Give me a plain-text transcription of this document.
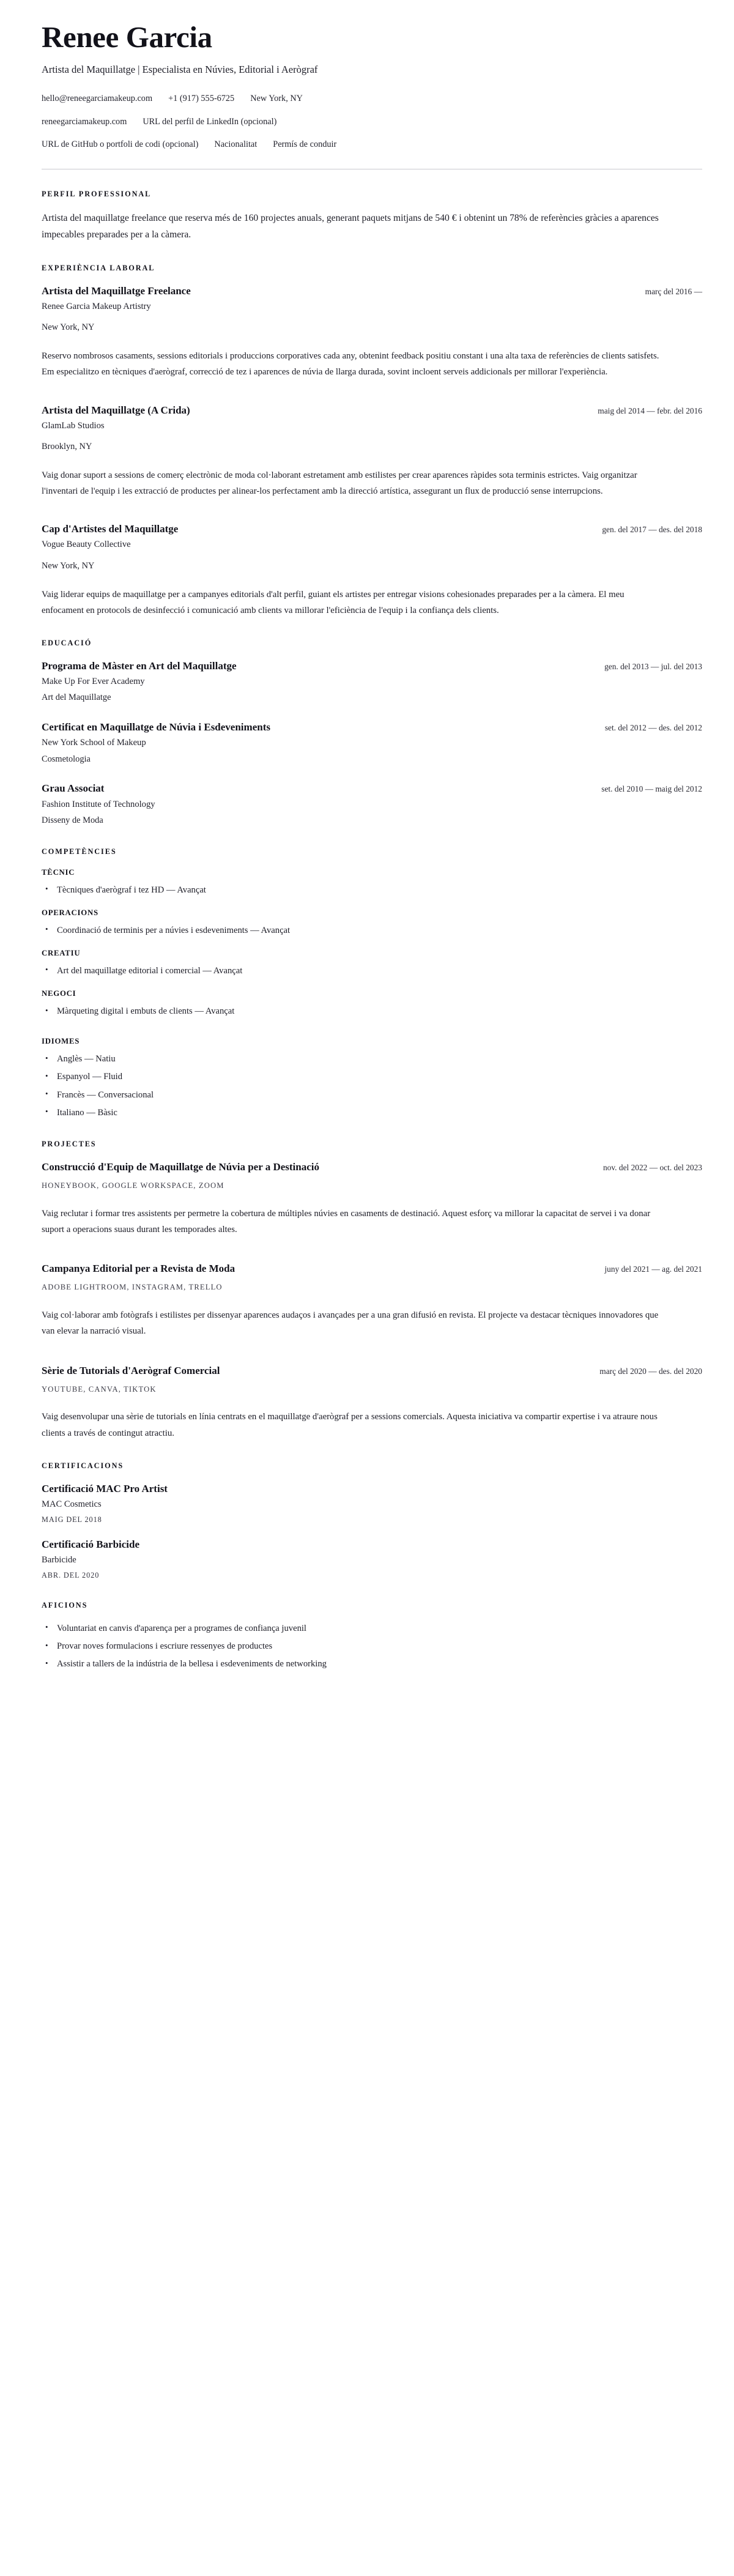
Renee Garcia
Artista del Maquillatge | Especialista en Núvies, Editorial i Aerògraf
hello@reneegarciamakeup.com +1 (917) 555-6725 New York, NY
reneegarciamakeup.com URL del perfil de LinkedIn (opcional)
URL de GitHub o portfoli de codi (opcional) Nacionalitat Permís de conduir
PERFIL PROFESSIONAL

Artista del maquillatge freelance que reserva més de 160 projectes anuals, generant paquets mitjans de 540 € i obtenint un 78% de referències gràcies a aparences impecables preparades per a la càmera.

EXPERIÈNCIA LABORAL
Artista del Maquillatge Freelance	març del 2016 —
Renee Garcia Makeup Artistry
New York, NY

Reservo nombrosos casaments, sessions editorials i produccions corporatives cada any, obtenint feedback positiu constant i una alta taxa de referències de clients satisfets. Em especialitzo en tècniques d'aerògraf, correcció de tez i aparences de núvia de llarga durada, sovint incloent serveis addicionals per millorar l'experiència.

Artista del Maquillatge (A Crida)	maig del 2014 — febr. del 2016
GlamLab Studios
Brooklyn, NY

Vaig donar suport a sessions de comerç electrònic de moda col·laborant estretament amb estilistes per crear aparences ràpides sota terminis estrictes. Vaig organitzar l'inventari de l'equip i les extracció de productes per alinear-los perfectament amb la direcció artística, assegurant un flux de producció sense interrupcions.

Cap d'Artistes del Maquillatge	gen. del 2017 — des. del 2018
Vogue Beauty Collective
New York, NY

Vaig liderar equips de maquillatge per a campanyes editorials d'alt perfil, guiant els artistes per entregar visions cohesionades preparades per a la càmera. El meu enfocament en protocols de desinfecció i comunicació amb clients va millorar l'eficiència de l'equip i la confiança dels clients.

EDUCACIÓ
Programa de Màster en Art del Maquillatge	gen. del 2013 — jul. del 2013
Make Up For Ever Academy
Art del Maquillatge
Certificat en Maquillatge de Núvia i Esdeveniments	set. del 2012 — des. del 2012
New York School of Makeup
Cosmetologia
Grau Associat	set. del 2010 — maig del 2012
Fashion Institute of Technology
Disseny de Moda
COMPETÈNCIES
TÈCNIC
• Tècniques d'aerògraf i tez HD — Avançat
OPERACIONS
• Coordinació de terminis per a núvies i esdeveniments — Avançat
CREATIU
• Art del maquillatge editorial i comercial — Avançat
NEGOCI
• Màrqueting digital i embuts de clients — Avançat
IDIOMES
• Anglès — Natiu
• Espanyol — Fluid
• Francès — Conversacional
• Italiano — Bàsic
PROJECTES
Construcció d'Equip de Maquillatge de Núvia per a Destinació	nov. del 2022 — oct. del 2023
HONEYBOOK, GOOGLE WORKSPACE, ZOOM

Vaig reclutar i formar tres assistents per permetre la cobertura de múltiples núvies en casaments de destinació. Aquest esforç va millorar la capacitat de servei i va donar suport a operacions suaus durant les temporades altes.

Campanya Editorial per a Revista de Moda	juny del 2021 — ag. del 2021
ADOBE LIGHTROOM, INSTAGRAM, TRELLO

Vaig col·laborar amb fotògrafs i estilistes per dissenyar aparences audaços i avançades per a una gran difusió en revista. El projecte va destacar tècniques innovadores que van elevar la narració visual.

Sèrie de Tutorials d'Aerògraf Comercial	març del 2020 — des. del 2020
YOUTUBE, CANVA, TIKTOK

Vaig desenvolupar una sèrie de tutorials en línia centrats en el maquillatge d'aerògraf per a sessions comercials. Aquesta iniciativa va compartir expertise i va atraure nous clients a través de contingut atractiu.

CERTIFICACIONS
Certificació MAC Pro Artist
MAC Cosmetics
MAIG DEL 2018
Certificació Barbicide
Barbicide
ABR. DEL 2020
AFICIONS
• Voluntariat en canvis d'aparença per a programes de confiança juvenil
• Provar noves formulacions i escriure ressenyes de productes
• Assistir a tallers de la indústria de la bellesa i esdeveniments de networking
